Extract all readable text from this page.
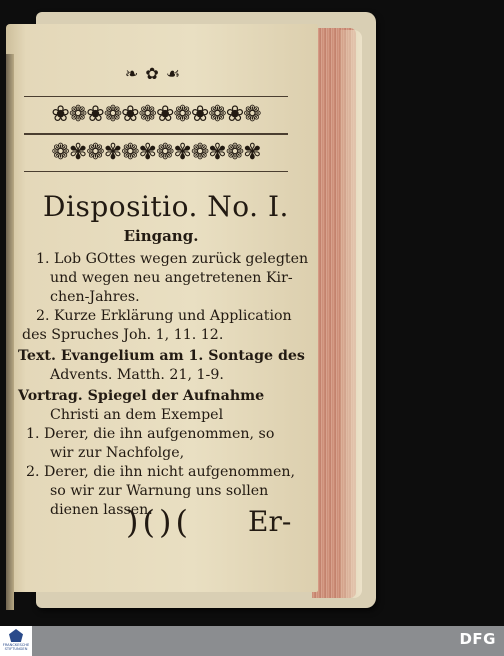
❧ ✿ ☙
❀❁❀❁❀❁❀❁❀❁❀❁
❁✾❁✾❁✾❁✾❁✾❁✾
Dispositio. No. I.
Eingang.
1. Lob GOttes wegen zurück gelegten
und wegen neu angetretenen Kir-
chen-Jahres.
2. Kurze Erklärung und Application
des Spruches Joh. 1, 11. 12.
Text. Evangelium am 1. Sontage des
Advents. Matth. 21, 1-9.
Vortrag. Spiegel der Aufnahme
Christi an dem Exempel
1. Derer, die ihn aufgenommen, so
wir zur Nachfolge,
2. Derer, die ihn nicht aufgenommen,
so wir zur Warnung uns sollen
dienen lassen.
)()( Er-
FRANCKESCHE STIFTUNGEN
DFG
